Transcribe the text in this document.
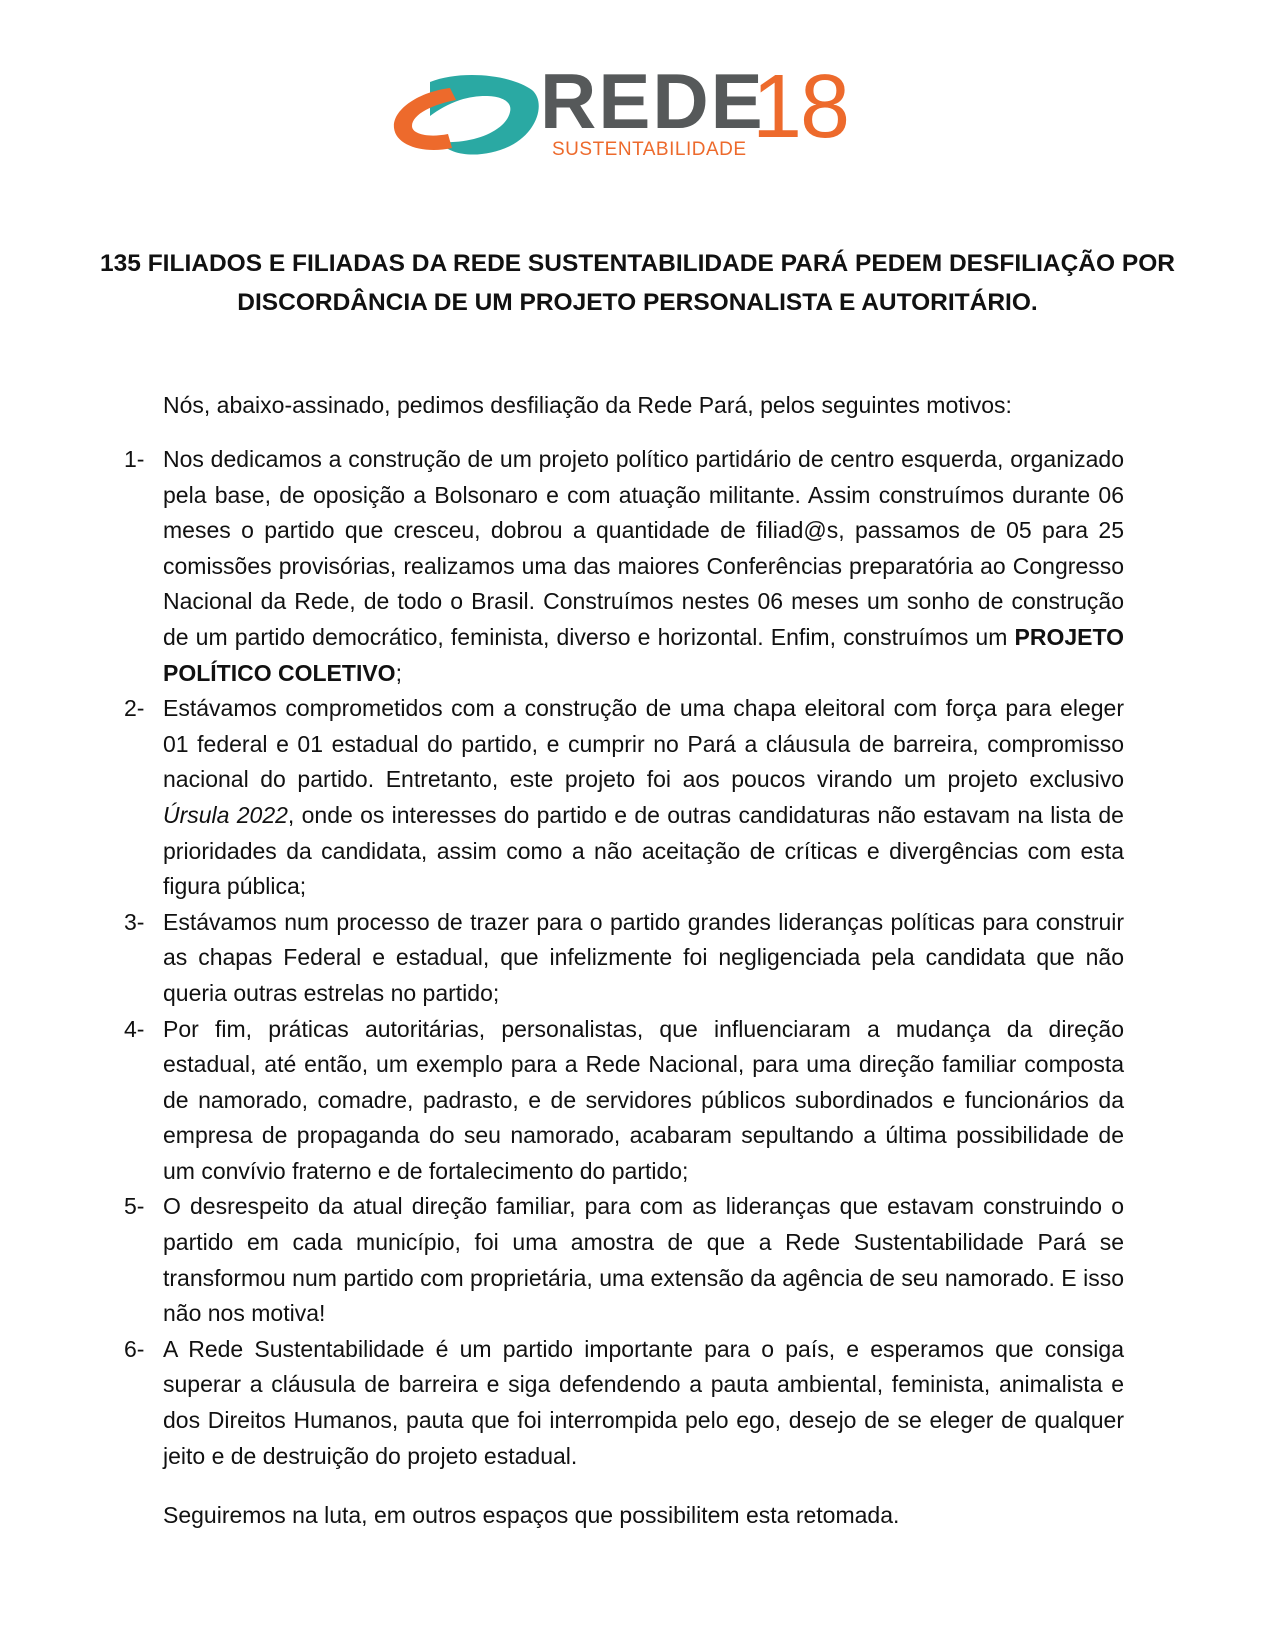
REDE
18
SUSTENTABILIDADE
135 FILIADOS E FILIADAS DA REDE SUSTENTABILIDADE PARÁ PEDEM DESFILIAÇÃO POR DISCORDÂNCIA DE UM PROJETO PERSONALISTA E AUTORITÁRIO.

Nós, abaixo-assinado, pedimos desfiliação da Rede Pará, pelos seguintes motivos:

1- Nos dedicamos a construção de um projeto político partidário de centro esquerda, organizado pela base, de oposição a Bolsonaro e com atuação militante. Assim construímos durante 06 meses o partido que cresceu, dobrou a quantidade de filiad@s, passamos de 05 para 25 comissões provisórias, realizamos uma das maiores Conferências preparatória ao Congresso Nacional da Rede, de todo o Brasil. Construímos nestes 06 meses um sonho de construção de um partido democrático, feminista, diverso e horizontal. Enfim, construímos um PROJETO POLÍTICO COLETIVO;
2- Estávamos comprometidos com a construção de uma chapa eleitoral com força para eleger 01 federal e 01 estadual do partido, e cumprir no Pará a cláusula de barreira, compromisso nacional do partido. Entretanto, este projeto foi aos poucos virando um projeto exclusivo Úrsula 2022, onde os interesses do partido e de outras candidaturas não estavam na lista de prioridades da candidata, assim como a não aceitação de críticas e divergências com esta figura pública;
3- Estávamos num processo de trazer para o partido grandes lideranças políticas para construir as chapas Federal e estadual, que infelizmente foi negligenciada pela candidata que não queria outras estrelas no partido;
4- Por fim, práticas autoritárias, personalistas, que influenciaram a mudança da direção estadual, até então, um exemplo para a Rede Nacional, para uma direção familiar composta de namorado, comadre, padrasto, e de servidores públicos subordinados e funcionários da empresa de propaganda do seu namorado, acabaram sepultando a última possibilidade de um convívio fraterno e de fortalecimento do partido;
5- O desrespeito da atual direção familiar, para com as lideranças que estavam construindo o partido em cada município, foi uma amostra de que a Rede Sustentabilidade Pará se transformou num partido com proprietária, uma extensão da agência de seu namorado. E isso não nos motiva!
6- A Rede Sustentabilidade é um partido importante para o país, e esperamos que consiga superar a cláusula de barreira e siga defendendo a pauta ambiental, feminista, animalista e dos Direitos Humanos, pauta que foi interrompida pelo ego, desejo de se eleger de qualquer jeito e de destruição do projeto estadual.

Seguiremos na luta, em outros espaços que possibilitem esta retomada.
